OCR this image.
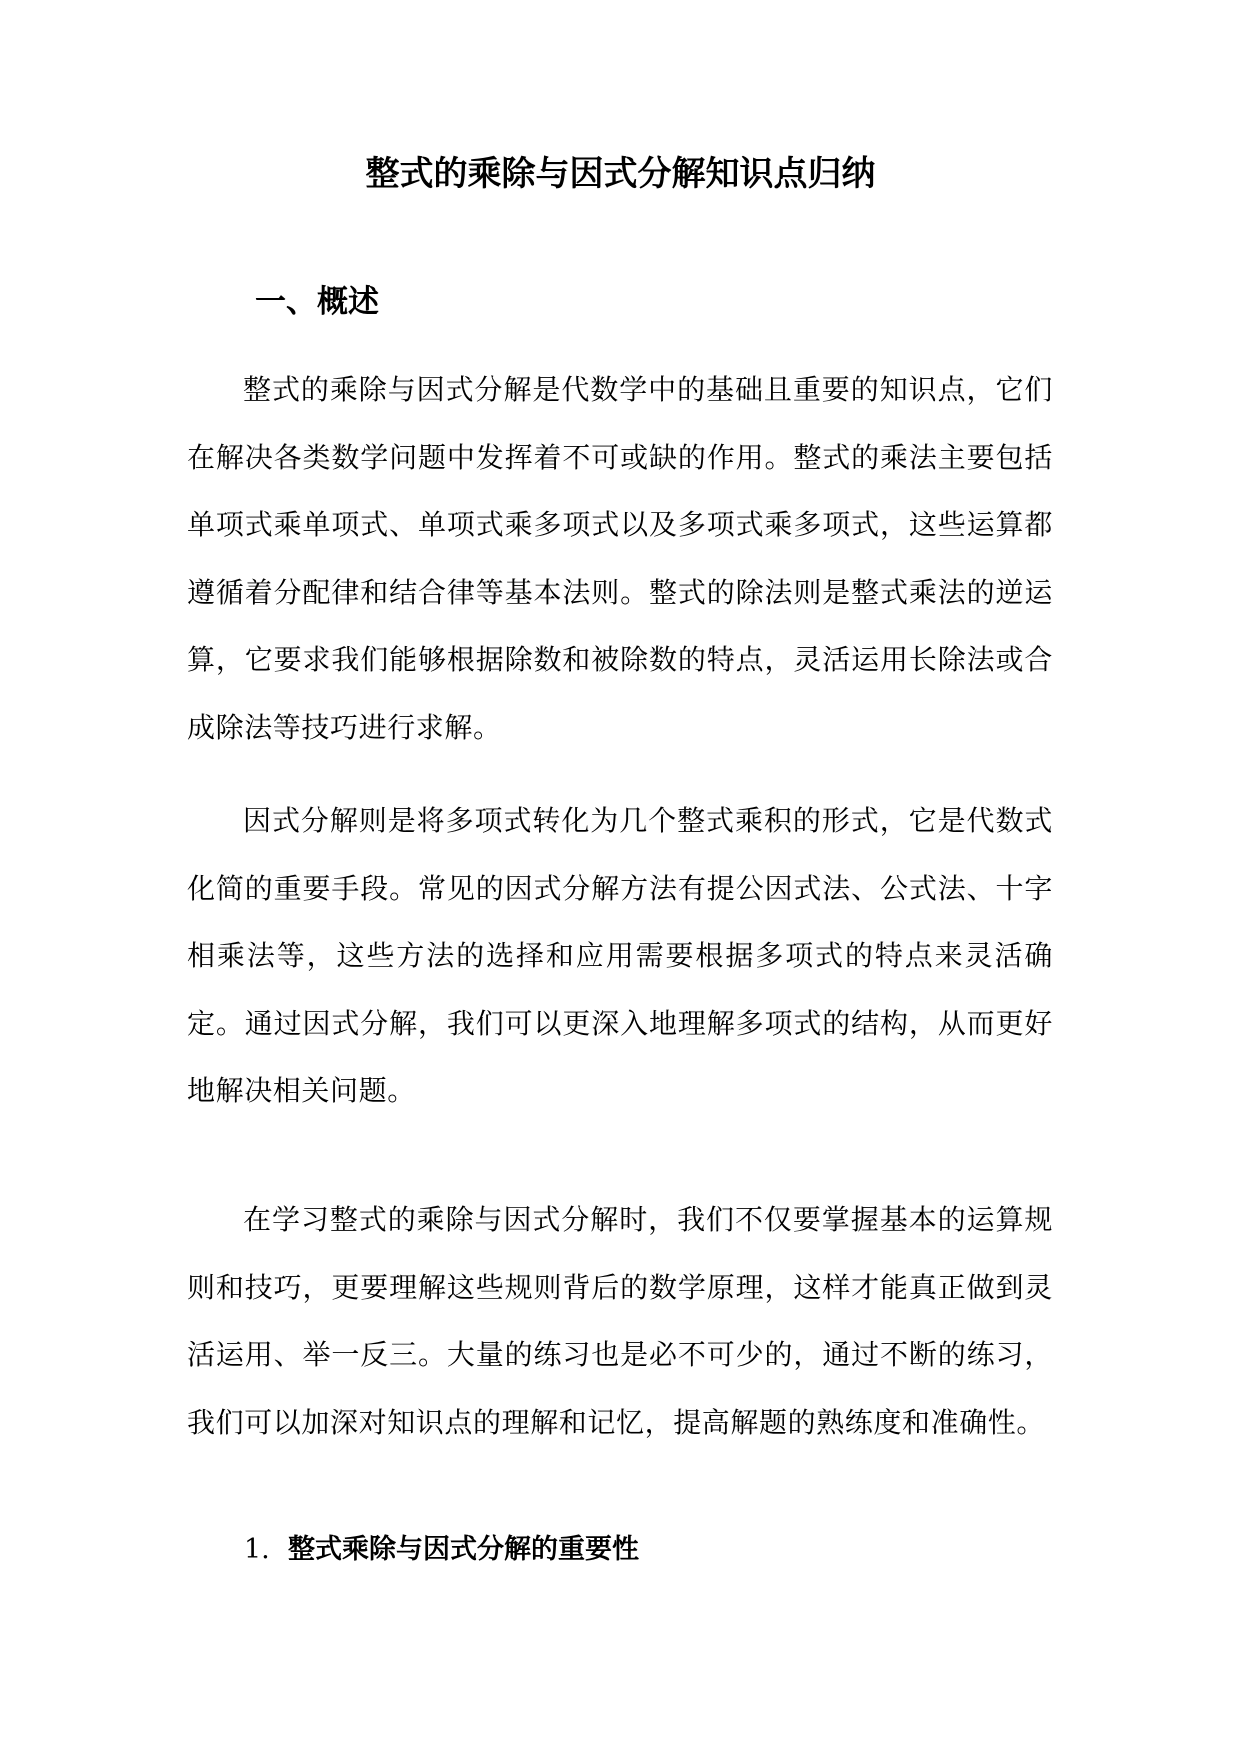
整式的乘除与因式分解知识点归纳
一、概述

整式的乘除与因式分解是代数学中的基础且重要的知识点，它们在解决各类数学问题中发挥着不可或缺的作用。整式的乘法主要包括单项式乘单项式、单项式乘多项式以及多项式乘多项式，这些运算都遵循着分配律和结合律等基本法则。整式的除法则是整式乘法的逆运算，它要求我们能够根据除数和被除数的特点，灵活运用长除法或合成除法等技巧进行求解。

因式分解则是将多项式转化为几个整式乘积的形式，它是代数式化简的重要手段。常见的因式分解方法有提公因式法、公式法、十字相乘法等，这些方法的选择和应用需要根据多项式的特点来灵活确定。通过因式分解，我们可以更深入地理解多项式的结构，从而更好地解决相关问题。

在学习整式的乘除与因式分解时，我们不仅要掌握基本的运算规则和技巧，更要理解这些规则背后的数学原理，这样才能真正做到灵活运用、举一反三。大量的练习也是必不可少的，通过不断的练习，我们可以加深对知识点的理解和记忆，提高解题的熟练度和准确性。

1. 整式乘除与因式分解的重要性
